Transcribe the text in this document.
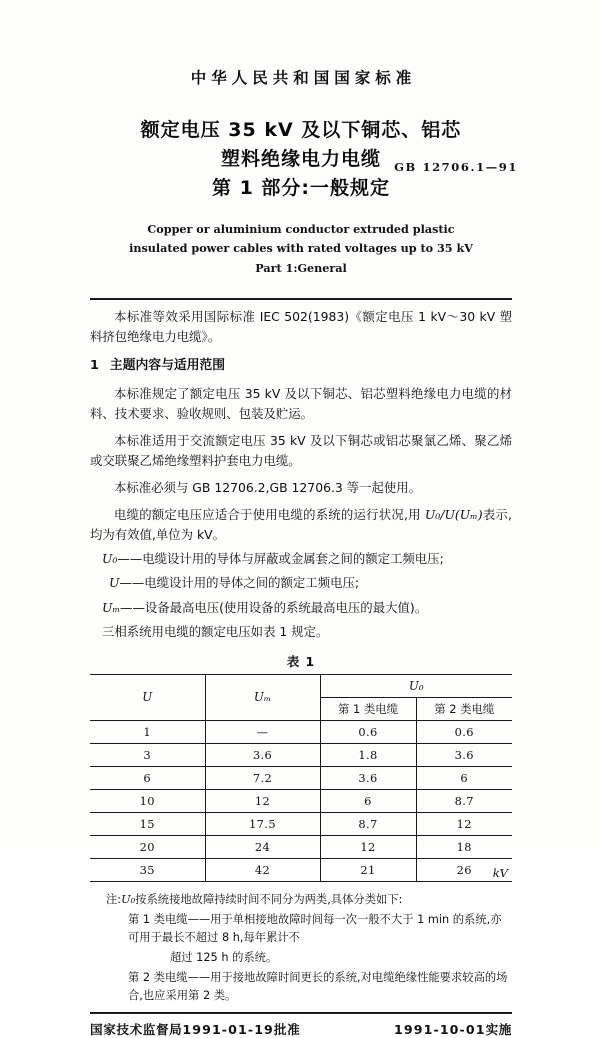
中华人民共和国国家标准
额定电压 35 kV 及以下铜芯、铝芯
塑料绝缘电力电缆
第 1 部分:一般规定
GB 12706.1—91
Copper or aluminium conductor extruded plastic
insulated power cables with rated voltages up to 35 kV
Part 1:General

本标准等效采用国际标准 IEC 502(1983)《额定电压 1 kV～30 kV 塑料挤包绝缘电力电缆》。

1 主题内容与适用范围

本标准规定了额定电压 35 kV 及以下铜芯、铝芯塑料绝缘电力电缆的材料、技术要求、验收规则、包装及贮运。

本标准适用于交流额定电压 35 kV 及以下铜芯或铝芯聚氯乙烯、聚乙烯或交联聚乙烯绝缘塑料护套电力电缆。

本标准必须与 GB 12706.2,GB 12706.3 等一起使用。

电缆的额定电压应适合于使用电缆的系统的运行状况,用 U₀/U(Uₘ)表示,均为有效值,单位为 kV。

U₀——电缆设计用的导体与屏蔽或金属套之间的额定工频电压;

U——电缆设计用的导体之间的额定工频电压;

Uₘ——设备最高电压(使用设备的系统最高电压的最大值)。

三相系统用电缆的额定电压如表 1 规定。

表 1
kV
U	Uₘ	U₀	
		第 1 类电缆	第 2 类电缆
1	—	0.6	0.6
3	3.6	1.8	3.6
6	7.2	3.6	6
10	12	6	8.7
15	17.5	8.7	12
20	24	12	18
35	42	21	26

注:U₀按系统接地故障持续时间不同分为两类,具体分类如下:

第 1 类电缆——用于单相接地故障时间每一次一般不大于 1 min 的系统,亦可用于最长不超过 8 h,每年累计不

超过 125 h 的系统。

第 2 类电缆——用于接地故障时间更长的系统,对电缆绝缘性能要求较高的场合,也应采用第 2 类。

国家技术监督局1991-01-19批准	1991-10-01实施
